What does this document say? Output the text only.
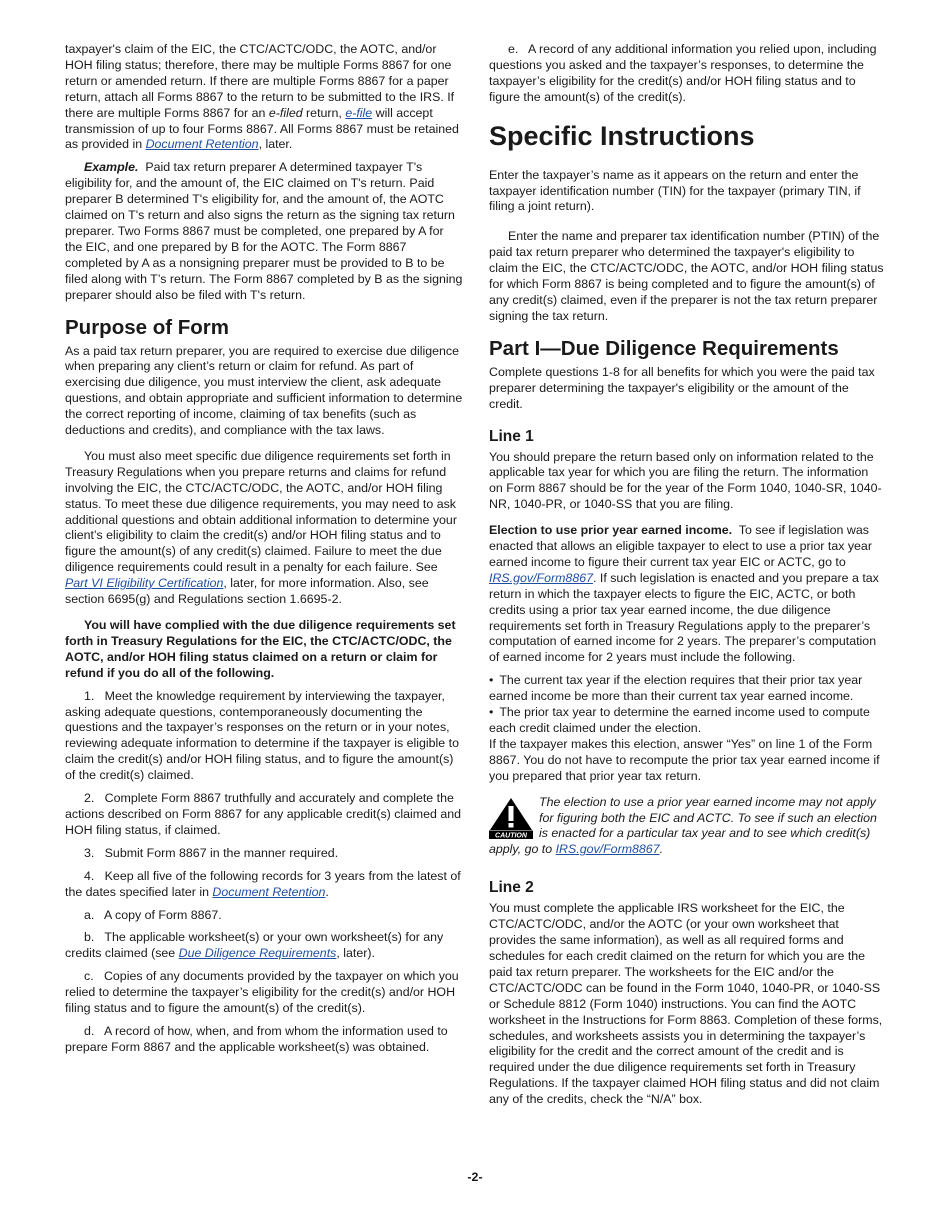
taxpayer's claim of the EIC, the CTC/ACTC/ODC, the AOTC, and/or HOH filing status; therefore, there may be multiple Forms 8867 for one return or amended return. If there are multiple Forms 8867 for a paper return, attach all Forms 8867 to the return to be submitted to the IRS. If there are multiple Forms 8867 for an e-filed return, e-file will accept transmission of up to four Forms 8867. All Forms 8867 must be retained as provided in Document Retention, later.

Example. Paid tax return preparer A determined taxpayer T's eligibility for, and the amount of, the EIC claimed on T's return. Paid preparer B determined T's eligibility for, and the amount of, the AOTC claimed on T's return and also signs the return as the signing tax return preparer. Two Forms 8867 must be completed, one prepared by A for the EIC, and one prepared by B for the AOTC. The Form 8867 completed by A as a nonsigning preparer must be provided to B to be filed along with T’s return. The Form 8867 completed by B as the signing preparer should also be filed with T's return.

Purpose of Form

As a paid tax return preparer, you are required to exercise due diligence when preparing any client’s return or claim for refund. As part of exercising due diligence, you must interview the client, ask adequate questions, and obtain appropriate and sufficient information to determine the correct reporting of income, claiming of tax benefits (such as deductions and credits), and compliance with the tax laws.

You must also meet specific due diligence requirements set forth in Treasury Regulations when you prepare returns and claims for refund involving the EIC, the CTC/ACTC/ODC, the AOTC, and/or HOH filing status. To meet these due diligence requirements, you may need to ask additional questions and obtain additional information to determine your client’s eligibility to claim the credit(s) and/or HOH filing status and to figure the amount(s) of any credit(s) claimed. Failure to meet the due diligence requirements could result in a penalty for each failure. See Part VI Eligibility Certification, later, for more information. Also, see section 6695(g) and Regulations section 1.6695-2.

You will have complied with the due diligence requirements set forth in Treasury Regulations for the EIC, the CTC/ACTC/ODC, the AOTC, and/or HOH filing status claimed on a return or claim for refund if you do all of the following.

1.   Meet the knowledge requirement by interviewing the taxpayer, asking adequate questions, contemporaneously documenting the questions and the taxpayer’s responses on the return or in your notes, reviewing adequate information to determine if the taxpayer is eligible to claim the credit(s) and/or HOH filing status, and to figure the amount(s) of the credit(s) claimed.

2.   Complete Form 8867 truthfully and accurately and complete the actions described on Form 8867 for any applicable credit(s) claimed and HOH filing status, if claimed.

3.   Submit Form 8867 in the manner required.

4.   Keep all five of the following records for 3 years from the latest of the dates specified later in Document Retention.

a.   A copy of Form 8867.

b.   The applicable worksheet(s) or your own worksheet(s) for any credits claimed (see Due Diligence Requirements, later).

c.   Copies of any documents provided by the taxpayer on which you relied to determine the taxpayer’s eligibility for the credit(s) and/or HOH filing status and to figure the amount(s) of the credit(s).

d.   A record of how, when, and from whom the information used to prepare Form 8867 and the applicable worksheet(s) was obtained.

e.   A record of any additional information you relied upon, including questions you asked and the taxpayer’s responses, to determine the taxpayer’s eligibility for the credit(s) and/or HOH filing status and to figure the amount(s) of the credit(s).

Specific Instructions

Enter the taxpayer’s name as it appears on the return and enter the taxpayer identification number (TIN) for the taxpayer (primary TIN, if filing a joint return).

Enter the name and preparer tax identification number (PTIN) of the paid tax return preparer who determined the taxpayer's eligibility to claim the EIC, the CTC/ACTC/ODC, the AOTC, and/or HOH filing status for which Form 8867 is being completed and to figure the amount(s) of any credit(s) claimed, even if the preparer is not the tax return preparer signing the tax return.

Part I—Due Diligence Requirements

Complete questions 1-8 for all benefits for which you were the paid tax preparer determining the taxpayer's eligibility or the amount of the credit.

Line 1

You should prepare the return based only on information related to the applicable tax year for which you are filing the return. The information on Form 8867 should be for the year of the Form 1040, 1040-SR, 1040-NR, 1040-PR, or 1040-SS that you are filing.

Election to use prior year earned income. To see if legislation was enacted that allows an eligible taxpayer to elect to use a prior tax year earned income to figure their current tax year EIC or ACTC, go to IRS.gov/Form8867. If such legislation is enacted and you prepare a tax return in which the taxpayer elects to figure the EIC, ACTC, or both credits using a prior tax year earned income, the due diligence requirements set forth in Treasury Regulations apply to the preparer’s computation of earned income for 2 years. The preparer’s computation of earned income for 2 years must include the following.

• The current tax year if the election requires that their prior tax year earned income be more than their current tax year earned income.

• The prior tax year to determine the earned income used to compute each credit claimed under the election.

If the taxpayer makes this election, answer “Yes” on line 1 of the Form 8867. You do not have to recompute the prior tax year earned income if you prepared that prior year tax return.

CAUTION
The election to use a prior year earned income may not apply for figuring both the EIC and ACTC. To see if such an election is enacted for a particular tax year and to see which credit(s) apply, go to IRS.gov/Form8867.

Line 2

You must complete the applicable IRS worksheet for the EIC, the CTC/ACTC/ODC, and/or the AOTC (or your own worksheet that provides the same information), as well as all required forms and schedules for each credit claimed on the return for which you are the paid tax return preparer. The worksheets for the EIC and/or the CTC/ACTC/ODC can be found in the Form 1040, 1040-PR, or 1040-SS or Schedule 8812 (Form 1040) instructions. You can find the AOTC worksheet in the Instructions for Form 8863. Completion of these forms, schedules, and worksheets assists you in determining the taxpayer’s eligibility for the credit and the correct amount of the credit and is required under the due diligence requirements set forth in Treasury Regulations. If the taxpayer claimed HOH filing status and did not claim any of the credits, check the “N/A” box.

-2-
